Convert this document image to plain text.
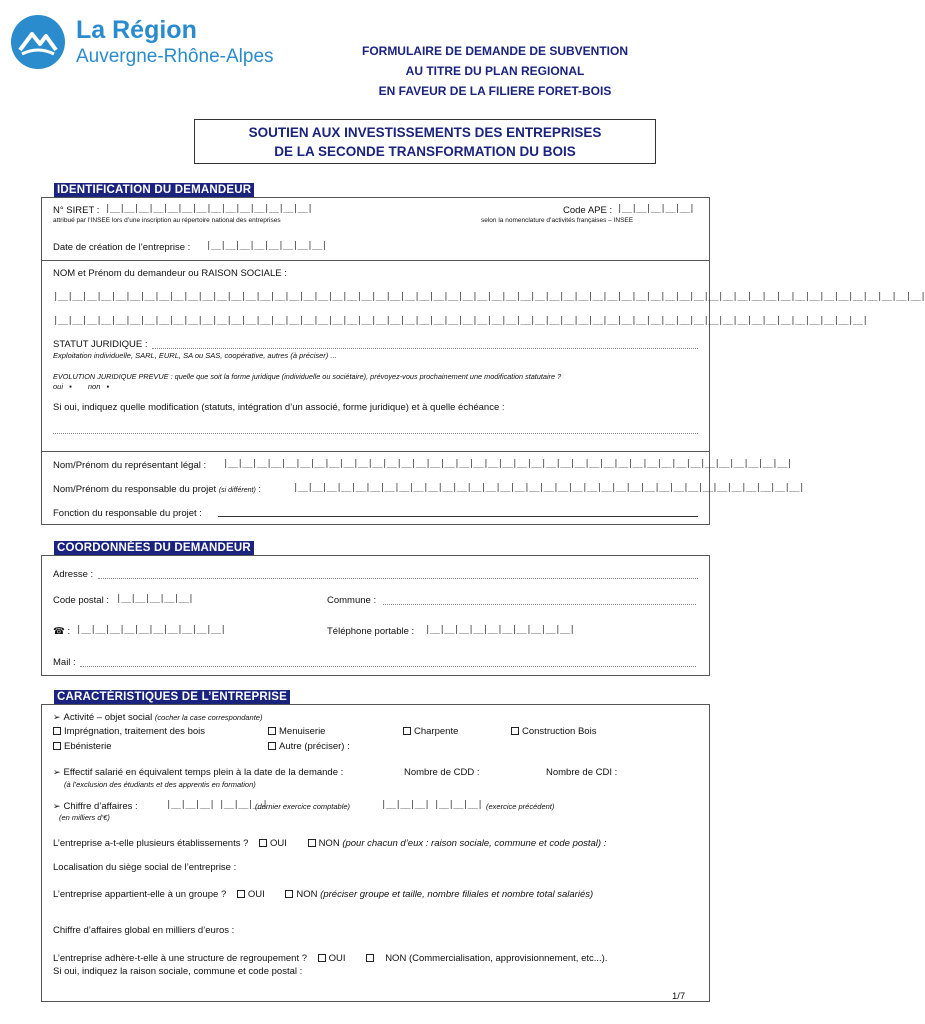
La Région
Auvergne-Rhône-Alpes	FORMULAIRE DE DEMANDE DE SUBVENTION
AU TITRE DU PLAN REGIONAL
EN FAVEUR DE LA FILIERE FORET-BOIS
SOUTIEN AUX INVESTISSEMENTS DES ENTREPRISES
DE LA SECONDE TRANSFORMATION DU BOIS
IDENTIFICATION DU DEMANDEUR
N° SIRET : |__|__|__|__|__|__|__|__|__|__|__|__|__|__|
attribué par l’INSEE lors d’une inscription au répertoire national des entreprises
Code APE : |__|__|__|__|__|
selon la nomenclature d’activités françaises – INSEE
Date de création de l’entreprise : |__|__|__|__|__|__|__|__|
NOM et Prénom du demandeur ou RAISON SOCIALE :
|__|__|__|__|__|__|__|__|__|__|__|__|__|__|__|__|__|__|__|__|__|__|__|__|__|__|__|__|__|__|__|__|__|__|__|__|__|__|__|__|__|__|__|__|__|__|__|__|__|__|__|__|__|__|__|__|__|__|__|__|
|__|__|__|__|__|__|__|__|__|__|__|__|__|__|__|__|__|__|__|__|__|__|__|__|__|__|__|__|__|__|__|__|__|__|__|__|__|__|__|__|__|__|__|__|__|__|__|__|__|__|__|__|__|__|__|__|
STATUT JURIDIQUE :
Exploitation individuelle, SARL, EURL, SA ou SAS, coopérative, autres (à préciser) ...
EVOLUTION JURIDIQUE PREVUE : quelle que soit la forme juridique (individuelle ou sociétaire), prévoyez-vous prochainement une modification statutaire ?
oui ▪ non ▪
Si oui, indiquez quelle modification (statuts, intégration d’un associé, forme juridique) et à quelle échéance :
Nom/Prénom du représentant légal : |__|__|__|__|__|__|__|__|__|__|__|__|__|__|__|__|__|__|__|__|__|__|__|__|__|__|__|__|__|__|__|__|__|__|__|__|__|__|__|
Nom/Prénom du responsable du projet (si différent) :	|__|__|__|__|__|__|__|__|__|__|__|__|__|__|__|__|__|__|__|__|__|__|__|__|__|__|__|__|__|__|__|__|__|__|__|
Fonction du responsable du projet :
COORDONNÉES DU DEMANDEUR
Adresse :
Code postal : |__|__|__|__|__|	Commune :
☎ : |__|__|__|__|__|__|__|__|__|__|	Téléphone portable : |__|__|__|__|__|__|__|__|__|__|
Mail :
CARACTÉRISTIQUES DE L’ENTREPRISE
➢ Activité – objet social (cocher la case correspondante)
Imprégnation, traitement des bois	Menuiserie	Charpente	Construction Bois
Ebénisterie	Autre (préciser) :
➢ Effectif salarié en équivalent temps plein à la date de la demande :
(à l’exclusion des étudiants et des apprentis en formation)
Nombre de CDD :	Nombre de CDI :
➢ Chiffre d’affaires :	|__|__|__| |__|__|__|
(dernier exercice comptable)	|__|__|__| |__|__|__| (exercice précédent)
(en milliers d’€)
L’entreprise a-t-elle plusieurs établissements ? OUI	NON (pour chacun d’eux : raison sociale, commune et code postal) :
Localisation du siège social de l’entreprise :
L’entreprise appartient-elle à un groupe ? OUI	NON (préciser groupe et taille, nombre filiales et nombre total salariés)
Chiffre d’affaires global en milliers d’euros :
L’entreprise adhère-t-elle à une structure de regroupement ? OUI	NON (Commercialisation, approvisionnement, etc...).
Si oui, indiquez la raison sociale, commune et code postal :
1/7
